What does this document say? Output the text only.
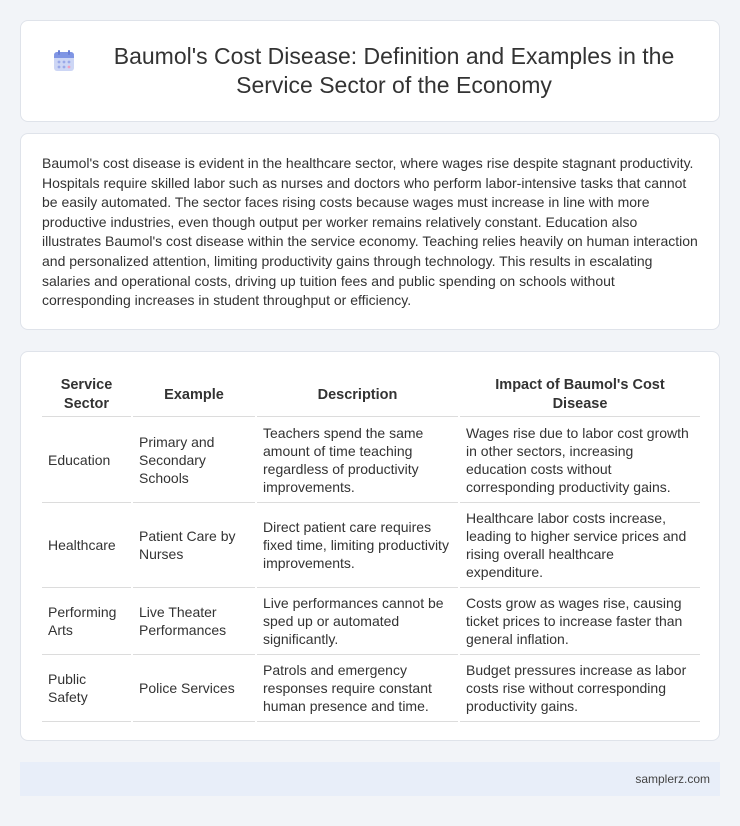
Baumol's Cost Disease: Definition and Examples in the Service Sector of the Economy

Baumol's cost disease is evident in the healthcare sector, where wages rise despite stagnant productivity. Hospitals require skilled labor such as nurses and doctors who perform labor-intensive tasks that cannot be easily automated. The sector faces rising costs because wages must increase in line with more productive industries, even though output per worker remains relatively constant. Education also illustrates Baumol's cost disease within the service economy. Teaching relies heavily on human interaction and personalized attention, limiting productivity gains through technology. This results in escalating salaries and operational costs, driving up tuition fees and public spending on schools without corresponding increases in student throughput or efficiency.

Service Sector	Example	Description	Impact of Baumol's Cost Disease
Education	Primary and Secondary Schools	Teachers spend the same amount of time teaching regardless of productivity improvements.	Wages rise due to labor cost growth in other sectors, increasing education costs without corresponding productivity gains.
Healthcare	Patient Care by Nurses	Direct patient care requires fixed time, limiting productivity improvements.	Healthcare labor costs increase, leading to higher service prices and rising overall healthcare expenditure.
Performing Arts	Live Theater Performances	Live performances cannot be sped up or automated significantly.	Costs grow as wages rise, causing ticket prices to increase faster than general inflation.
Public Safety	Police Services	Patrols and emergency responses require constant human presence and time.	Budget pressures increase as labor costs rise without corresponding productivity gains.
samplerz.com
